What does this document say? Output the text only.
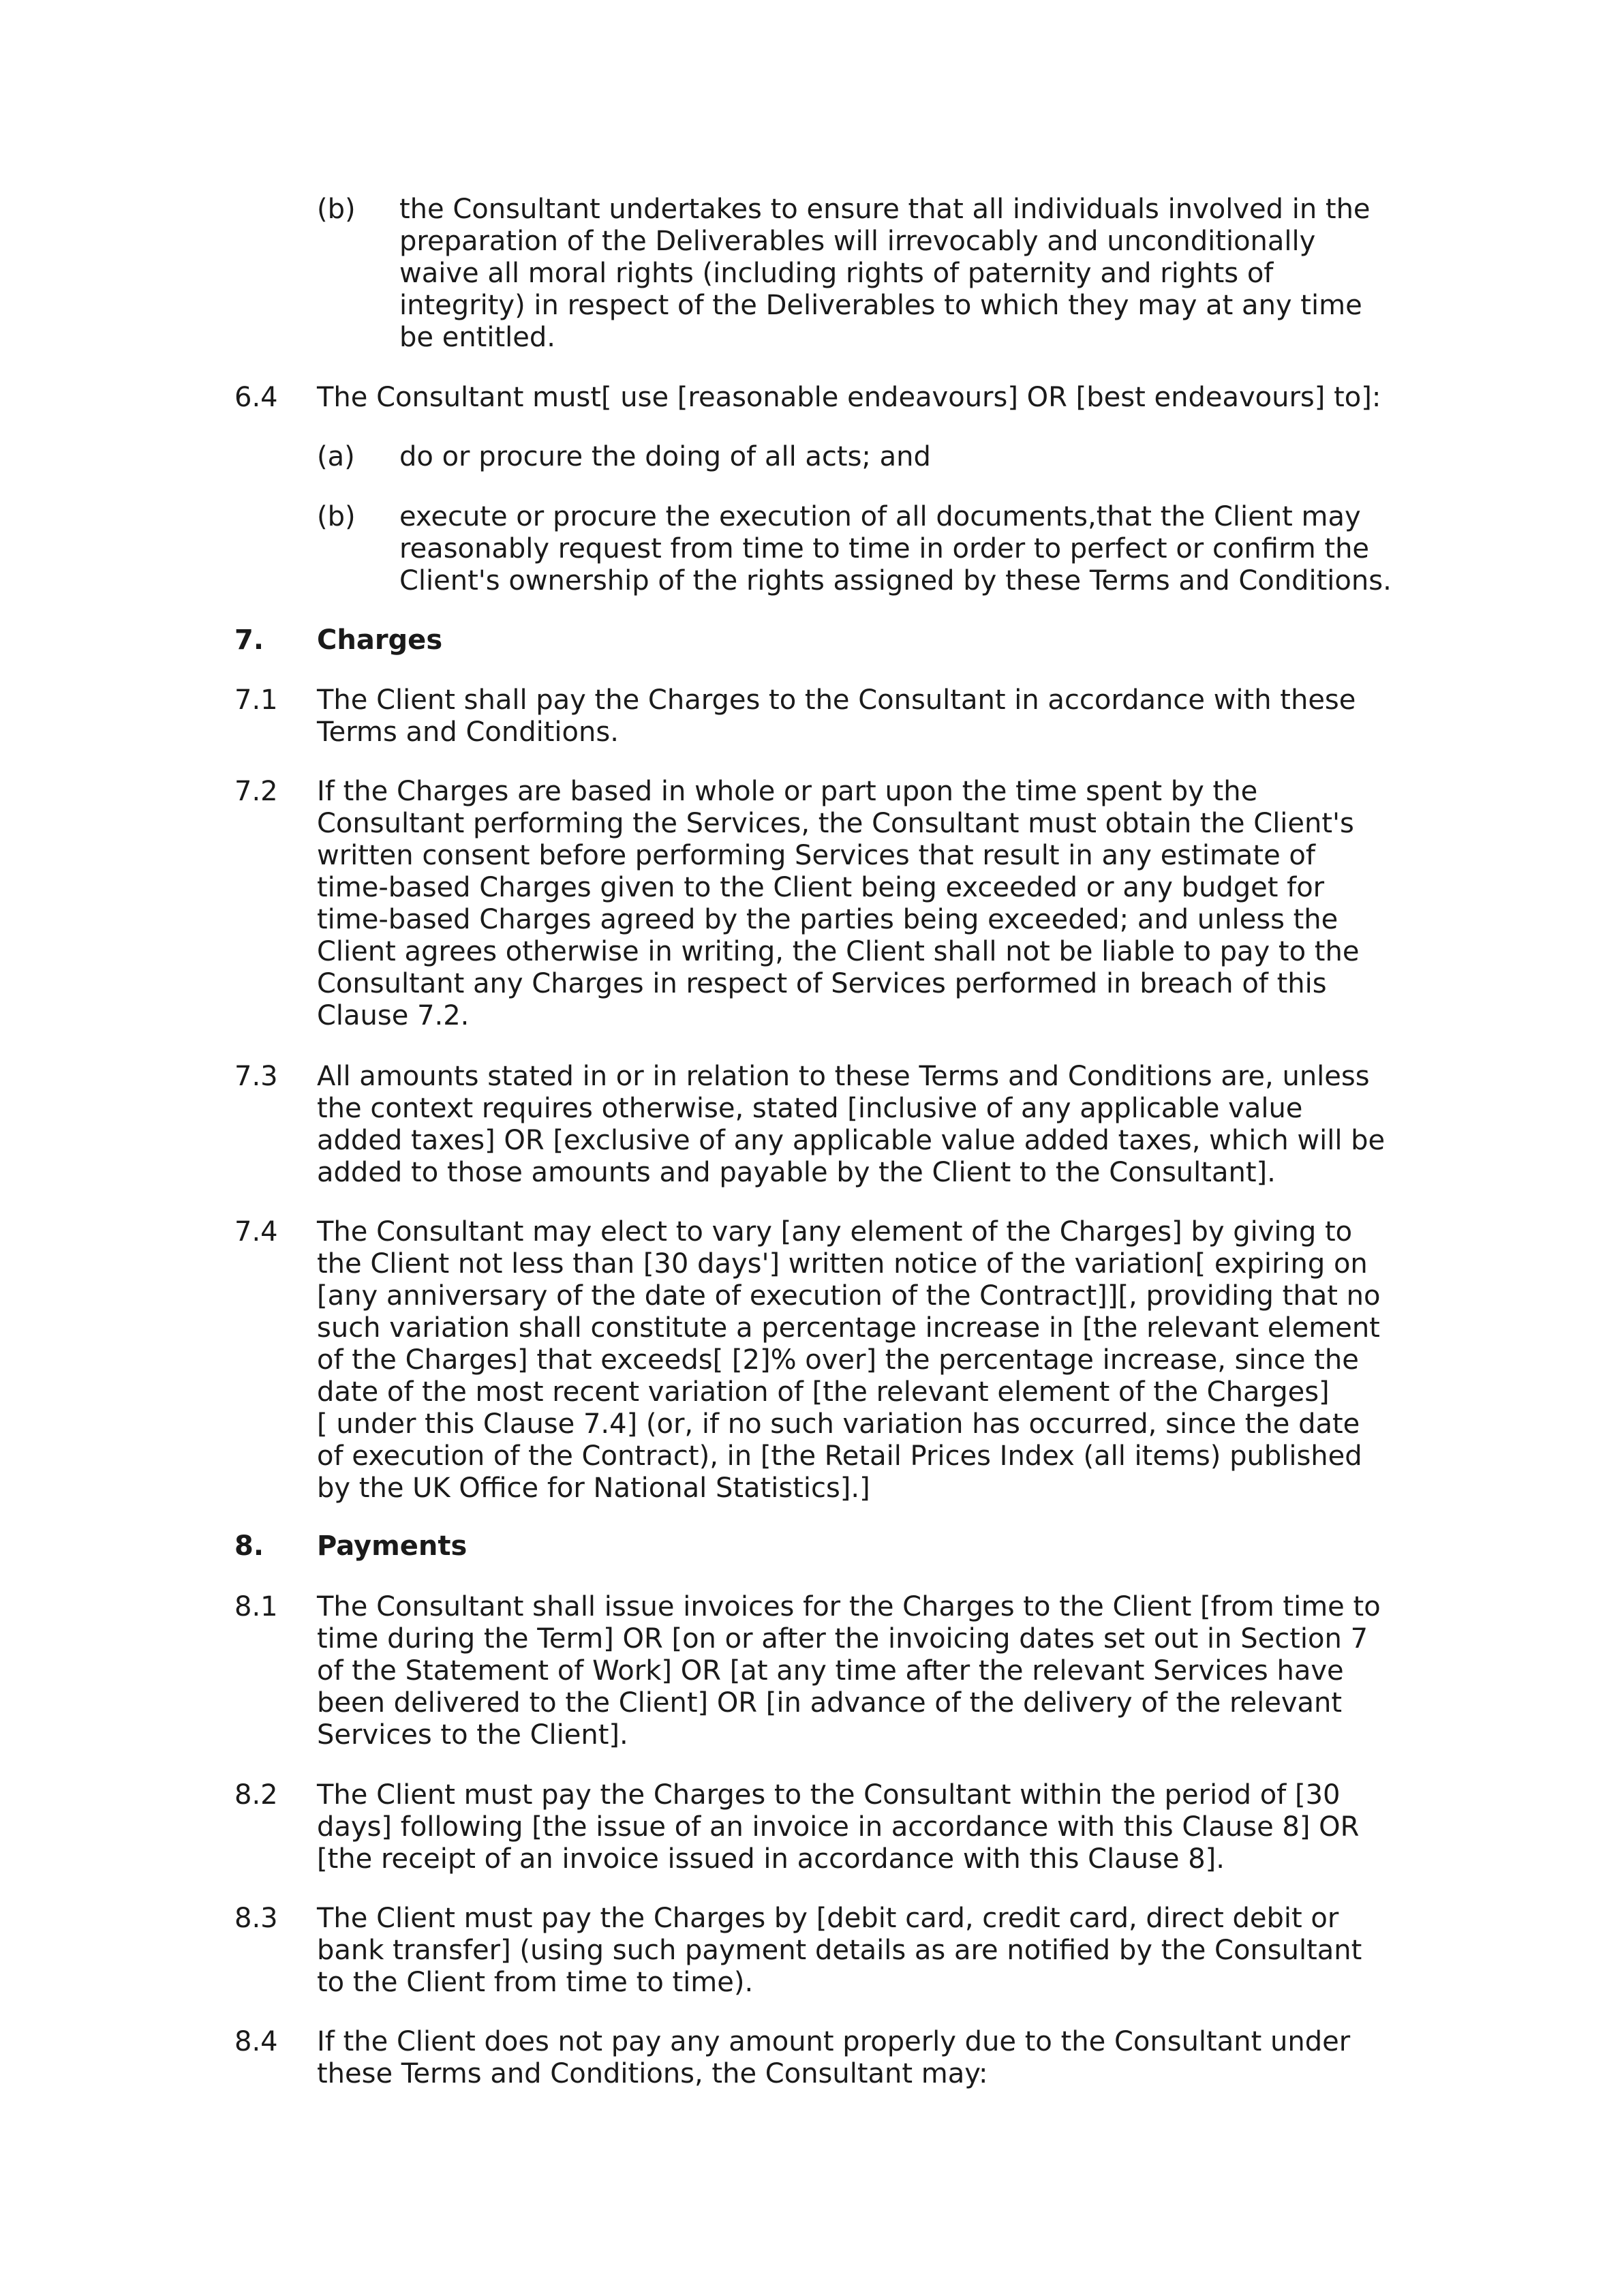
(b) the Consultant undertakes to ensure that all individuals involved in the
preparation of the Deliverables will irrevocably and unconditionally
waive all moral rights (including rights of paternity and rights of
integrity) in respect of the Deliverables to which they may at any time
be entitled.
6.4 The Consultant must[ use [reasonable endeavours] OR [best endeavours] to]:
(a) do or procure the doing of all acts; and
(b) execute or procure the execution of all documents,that the Client may
reasonably request from time to time in order to perfect or confirm the
Client's ownership of the rights assigned by these Terms and Conditions.
7. Charges
7.1 The Client shall pay the Charges to the Consultant in accordance with these
Terms and Conditions.
7.2 If the Charges are based in whole or part upon the time spent by the
Consultant performing the Services, the Consultant must obtain the Client's
written consent before performing Services that result in any estimate of
time-based Charges given to the Client being exceeded or any budget for
time-based Charges agreed by the parties being exceeded; and unless the
Client agrees otherwise in writing, the Client shall not be liable to pay to the
Consultant any Charges in respect of Services performed in breach of this
Clause 7.2.
7.3 All amounts stated in or in relation to these Terms and Conditions are, unless
the context requires otherwise, stated [inclusive of any applicable value
added taxes] OR [exclusive of any applicable value added taxes, which will be
added to those amounts and payable by the Client to the Consultant].
7.4 The Consultant may elect to vary [any element of the Charges] by giving to
the Client not less than [30 days'] written notice of the variation[ expiring on
[any anniversary of the date of execution of the Contract]][, providing that no
such variation shall constitute a percentage increase in [the relevant element
of the Charges] that exceeds[ [2]% over] the percentage increase, since the
date of the most recent variation of [the relevant element of the Charges]
[ under this Clause 7.4] (or, if no such variation has occurred, since the date
of execution of the Contract), in [the Retail Prices Index (all items) published
by the UK Office for National Statistics].]
8. Payments
8.1 The Consultant shall issue invoices for the Charges to the Client [from time to
time during the Term] OR [on or after the invoicing dates set out in Section 7
of the Statement of Work] OR [at any time after the relevant Services have
been delivered to the Client] OR [in advance of the delivery of the relevant
Services to the Client].
8.2 The Client must pay the Charges to the Consultant within the period of [30
days] following [the issue of an invoice in accordance with this Clause 8] OR
[the receipt of an invoice issued in accordance with this Clause 8].
8.3 The Client must pay the Charges by [debit card, credit card, direct debit or
bank transfer] (using such payment details as are notified by the Consultant
to the Client from time to time).
8.4 If the Client does not pay any amount properly due to the Consultant under
these Terms and Conditions, the Consultant may:
